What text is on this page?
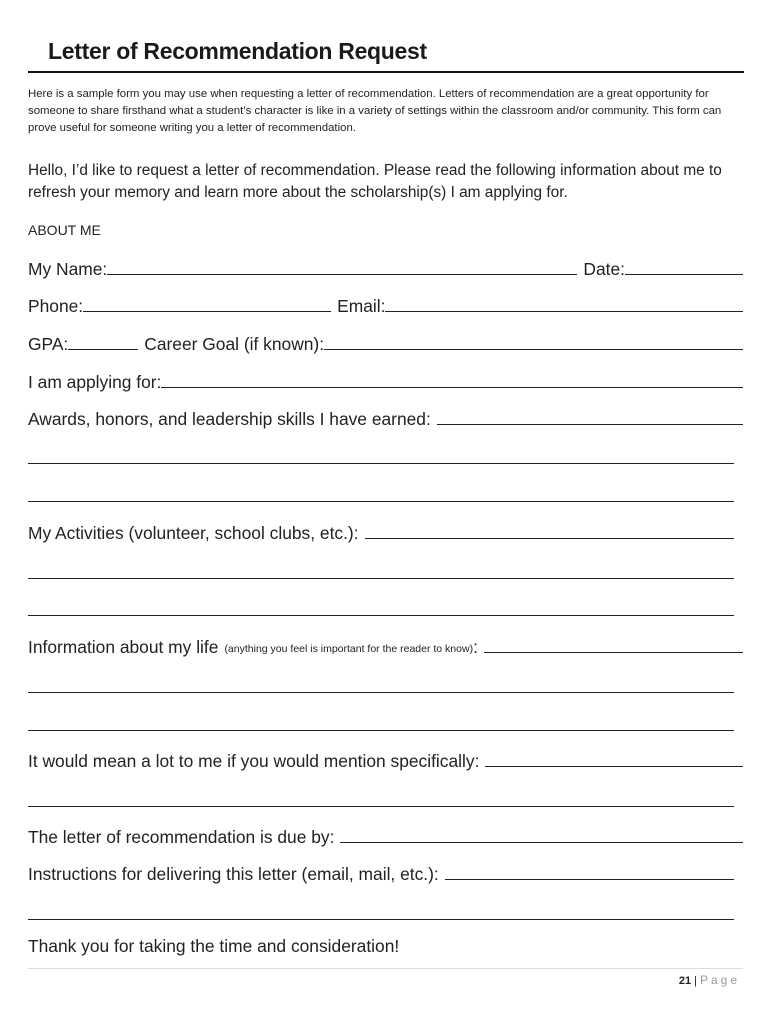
Letter of Recommendation Request

Here is a sample form you may use when requesting a letter of recommendation. Letters of recommendation are a great opportunity for someone to share firsthand what a student’s character is like in a variety of settings within the classroom and/or community. This form can prove useful for someone writing you a letter of recommendation.

Hello, I’d like to request a letter of recommendation. Please read the following information about me to refresh your memory and learn more about the scholarship(s) I am applying for.

ABOUT ME

My Name:	Date:
Phone:	Email:
GPA:	Career Goal (if known):
I am applying for:
Awards, honors, and leadership skills I have earned:
My Activities (volunteer, school clubs, etc.):
Information about my life (anything you feel is important for the reader to know) :
It would mean a lot to me if you would mention specifically:
The letter of recommendation is due by:
Instructions for delivering this letter (email, mail, etc.):

Thank you for taking the time and consideration!

21 | Page
